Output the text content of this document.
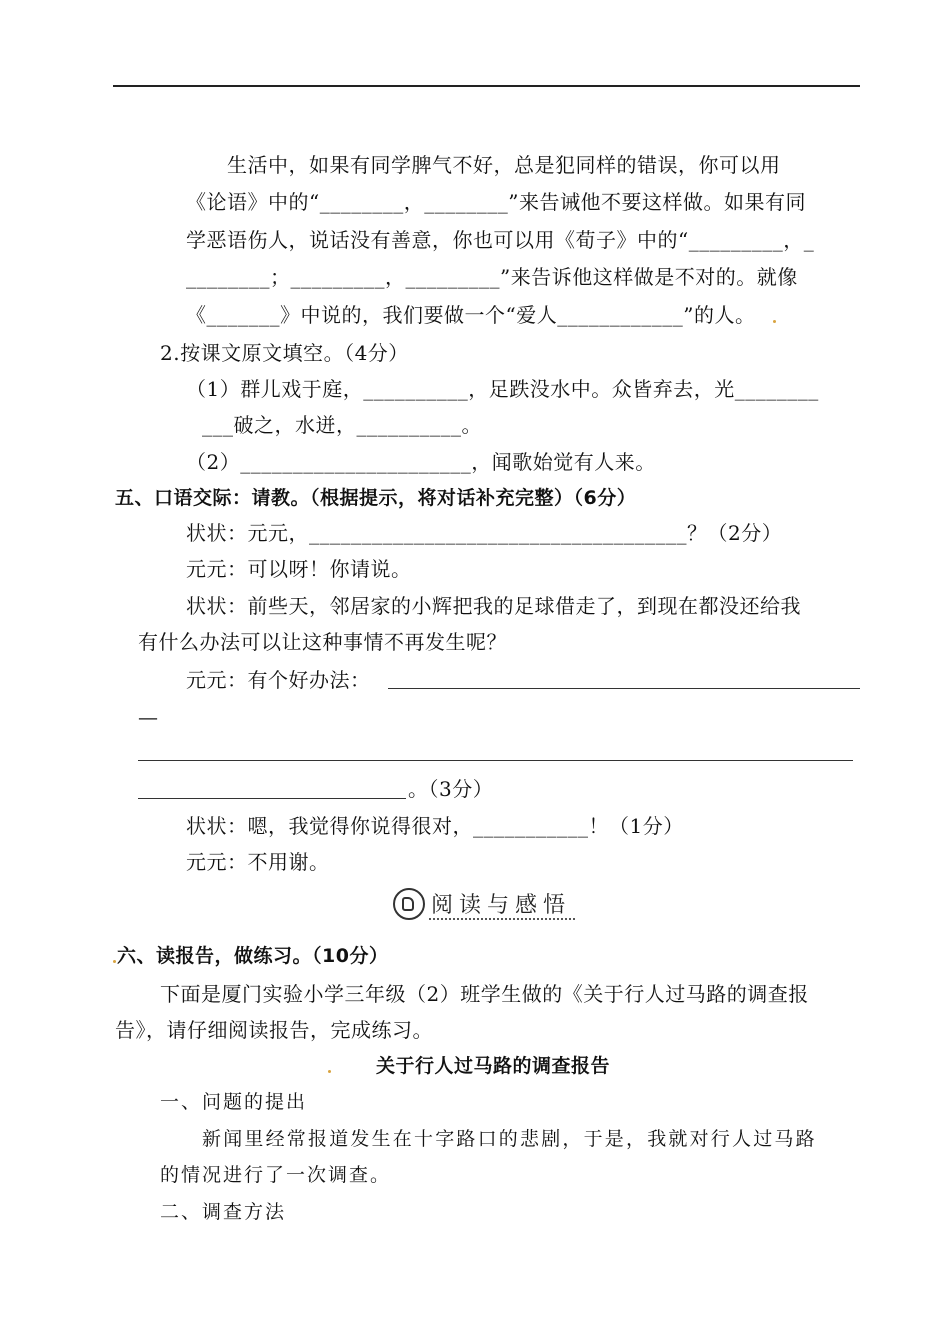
生活中，如果有同学脾气不好，总是犯同样的错误，你可以用
《论语》中的“________，________”来告诫他不要这样做。如果有同
学恶语伤人，说话没有善意，你也可以用《荀子》中的“_________，_
________；_________，_________”来告诉他这样做是不对的。就像
《_______》中说的，我们要做一个“爱人____________”的人。
2.按课文原文填空。（4分）
（1）群儿戏于庭，__________，足跌没水中。众皆弃去，光________
___破之，水迸，__________。
（2）______________________，闻歌始觉有人来。
五、口语交际：请教。（根据提示，将对话补充完整）（6分）
状状：元元，____________________________________？（2分）
元元：可以呀！你请说。
状状：前些天，邻居家的小辉把我的足球借走了，到现在都没还给我
有什么办法可以让这种事情不再发生呢？
元元：有个好办法：
—
。（3分）
状状：嗯，我觉得你说得很对，___________！（1分）
元元：不用谢。
阅读与感悟
六、读报告，做练习。（10分）
下面是厦门实验小学三年级（2）班学生做的《关于行人过马路的调查报
告》，请仔细阅读报告，完成练习。
关于行人过马路的调查报告
一、问题的提出
新闻里经常报道发生在十字路口的悲剧，于是，我就对行人过马路
的情况进行了一次调查。
二、调查方法
